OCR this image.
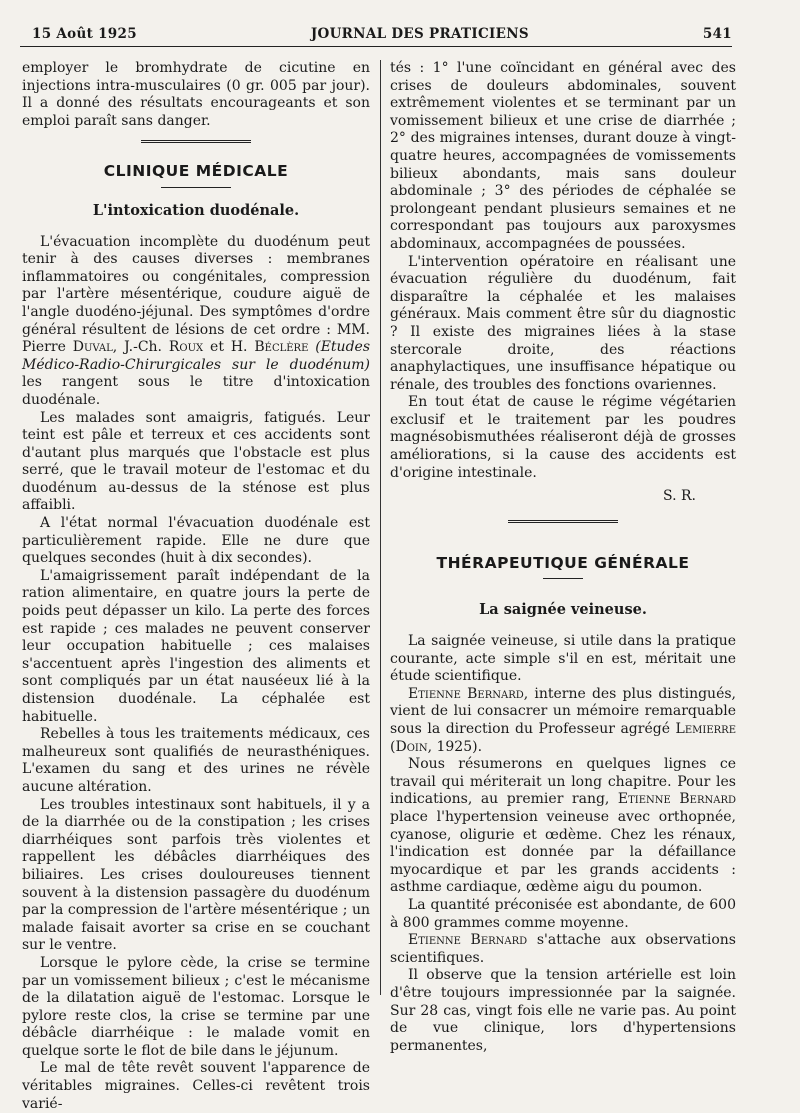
15 Août 1925	JOURNAL DES PRATICIENS	541

employer le bromhydrate de cicutine en injections intra-musculaires (0 gr. 005 par jour). Il a donné des résultats encourageants et son emploi paraît sans danger.

CLINIQUE MÉDICALE
L'intoxication duodénale.

L'évacuation incomplète du duodénum peut tenir à des causes diverses : membranes inflammatoires ou congénitales, compression par l'artère mésentérique, coudure aiguë de l'angle duodéno-jéjunal. Des symptômes d'ordre général résultent de lésions de cet ordre : MM. Pierre Duval, J.-Ch. Roux et H. Béclère (Etudes Médico-Radio-Chirurgicales sur le duodénum) les rangent sous le titre d'intoxication duodénale.

Les malades sont amaigris, fatigués. Leur teint est pâle et terreux et ces accidents sont d'autant plus marqués que l'obstacle est plus serré, que le travail moteur de l'estomac et du duodénum au-dessus de la sténose est plus affaibli.

A l'état normal l'évacuation duodénale est particulièrement rapide. Elle ne dure que quelques secondes (huit à dix secondes).

L'amaigrissement paraît indépendant de la ration alimentaire, en quatre jours la perte de poids peut dépasser un kilo. La perte des forces est rapide ; ces malades ne peuvent conserver leur occupation habituelle ; ces malaises s'accentuent après l'ingestion des aliments et sont compliqués par un état nauséeux lié à la distension duodénale. La céphalée est habituelle.

Rebelles à tous les traitements médicaux, ces malheureux sont qualifiés de neurasthéniques. L'examen du sang et des urines ne révèle aucune altération.

Les troubles intestinaux sont habituels, il y a de la diarrhée ou de la constipation ; les crises diarrhéiques sont parfois très violentes et rappellent les débâcles diarrhéiques des biliaires. Les crises douloureuses tiennent souvent à la distension passagère du duodénum par la compression de l'artère mésentérique ; un malade faisait avorter sa crise en se couchant sur le ventre.

Lorsque le pylore cède, la crise se termine par un vomissement bilieux ; c'est le mécanisme de la dilatation aiguë de l'estomac. Lorsque le pylore reste clos, la crise se termine par une débâcle diarrhéique : le malade vomit en quelque sorte le flot de bile dans le jéjunum.

Le mal de tête revêt souvent l'apparence de véritables migraines. Celles-ci revêtent trois varié-

tés : 1° l'une coïncidant en général avec des crises de douleurs abdominales, souvent extrêmement violentes et se terminant par un vomissement bilieux et une crise de diarrhée ; 2° des migraines intenses, durant douze à vingt-quatre heures, accompagnées de vomissements bilieux abondants, mais sans douleur abdominale ; 3° des périodes de céphalée se prolongeant pendant plusieurs semaines et ne correspondant pas toujours aux paroxysmes abdominaux, accompagnées de poussées.

L'intervention opératoire en réalisant une évacuation régulière du duodénum, fait disparaître la céphalée et les malaises généraux. Mais comment être sûr du diagnostic ? Il existe des migraines liées à la stase stercorale droite, des réactions anaphylactiques, une insuffisance hépatique ou rénale, des troubles des fonctions ovariennes.

En tout état de cause le régime végétarien exclusif et le traitement par les poudres magnésobismuthées réaliseront déjà de grosses améliorations, si la cause des accidents est d'origine intestinale.

S. R.
THÉRAPEUTIQUE GÉNÉRALE
La saignée veineuse.

La saignée veineuse, si utile dans la pratique courante, acte simple s'il en est, méritait une étude scientifique.

Etienne Bernard, interne des plus distingués, vient de lui consacrer un mémoire remarquable sous la direction du Professeur agrégé Lemierre (Doin, 1925).

Nous résumerons en quelques lignes ce travail qui mériterait un long chapitre. Pour les indications, au premier rang, Etienne Bernard place l'hypertension veineuse avec orthopnée, cyanose, oligurie et œdème. Chez les rénaux, l'indication est donnée par la défaillance myocardique et par les grands accidents : asthme cardiaque, œdème aigu du poumon.

La quantité préconisée est abondante, de 600 à 800 grammes comme moyenne.

Etienne Bernard s'attache aux observations scientifiques.

Il observe que la tension artérielle est loin d'être toujours impressionnée par la saignée. Sur 28 cas, vingt fois elle ne varie pas. Au point de vue clinique, lors d'hypertensions permanentes,
